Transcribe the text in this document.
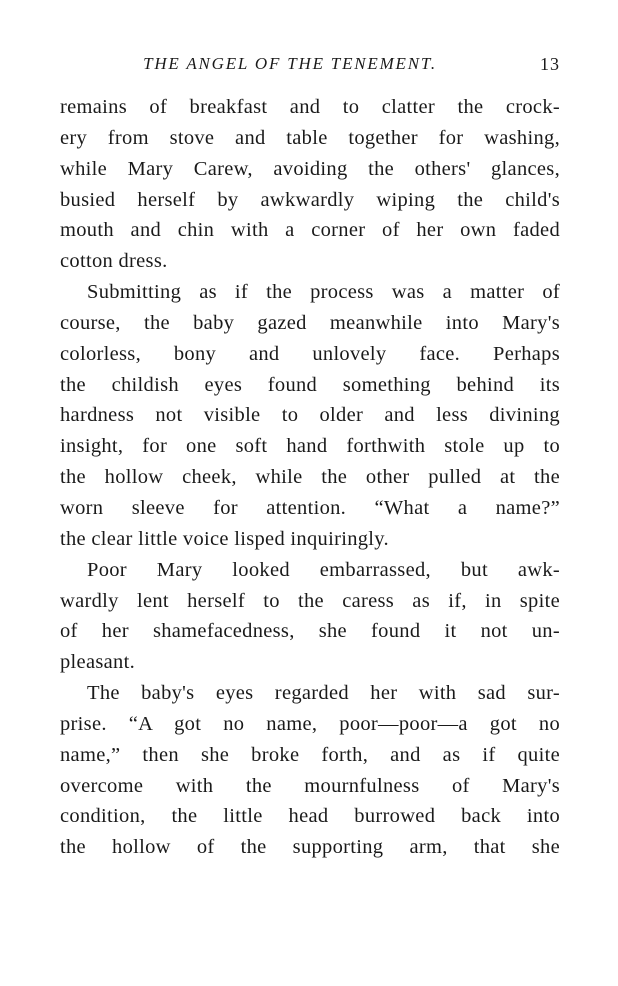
THE ANGEL OF THE TENEMENT.	13
remains of breakfast and to clatter the crock-
ery from stove and table together for washing,
while Mary Carew, avoiding the others' glances,
busied herself by awkwardly wiping the child's
mouth and chin with a corner of her own faded
cotton dress.
Submitting as if the process was a matter of
course, the baby gazed meanwhile into Mary's
colorless, bony and unlovely face. Perhaps
the childish eyes found something behind its
hardness not visible to older and less divining
insight, for one soft hand forthwith stole up to
the hollow cheek, while the other pulled at the
worn sleeve for attention. “What a name?”
the clear little voice lisped inquiringly.
Poor Mary looked embarrassed, but awk-
wardly lent herself to the caress as if, in spite
of her shamefacedness, she found it not un-
pleasant.
The baby's eyes regarded her with sad sur-
prise. “A got no name, poor—poor—a got no
name,” then she broke forth, and as if quite
overcome with the mournfulness of Mary's
condition, the little head burrowed back into
the hollow of the supporting arm, that she
